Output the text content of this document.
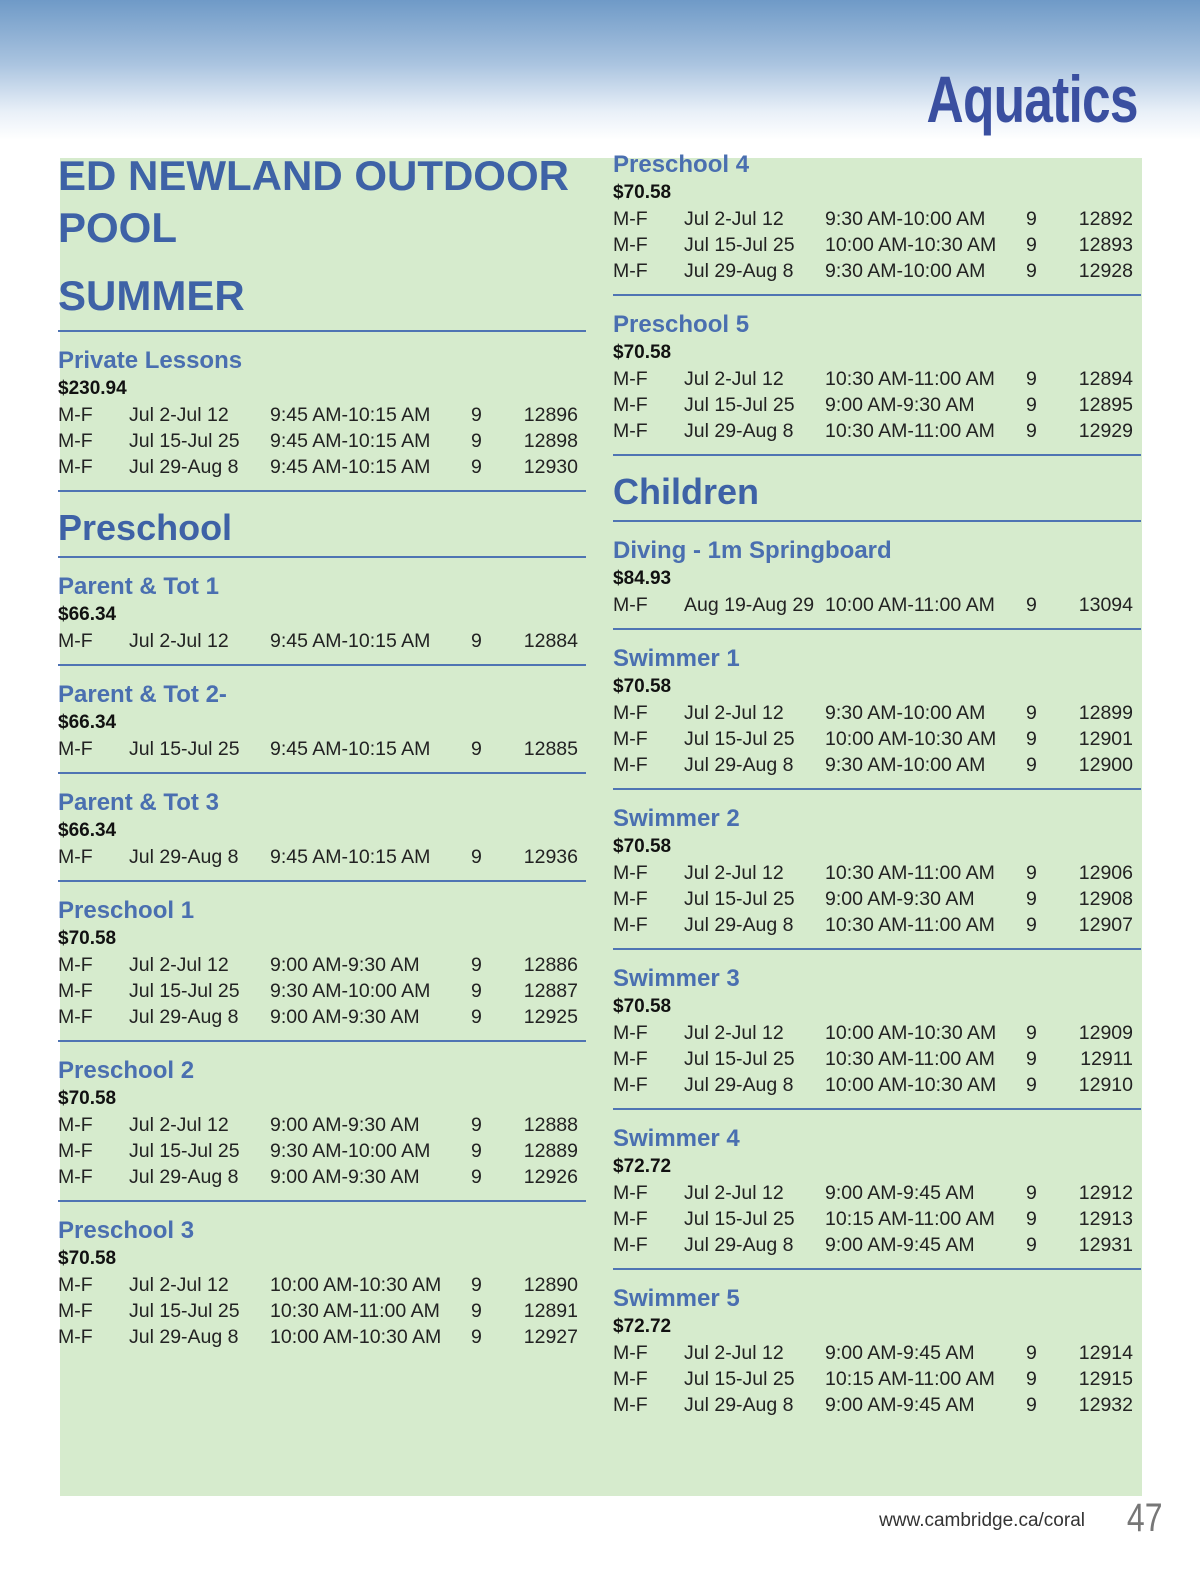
Aquatics
ED NEWLAND OUTDOOR POOL
SUMMER
Private Lessons
$230.94
M-F Jul 2-Jul 12 9:45 AM-10:15 AM 9 12896
M-F Jul 15-Jul 25 9:45 AM-10:15 AM 9 12898
M-F Jul 29-Aug 8 9:45 AM-10:15 AM 9 12930
Preschool
Parent & Tot 1
$66.34
M-F Jul 2-Jul 12 9:45 AM-10:15 AM 9 12884
Parent & Tot 2-
$66.34
M-F Jul 15-Jul 25 9:45 AM-10:15 AM 9 12885
Parent & Tot 3
$66.34
M-F Jul 29-Aug 8 9:45 AM-10:15 AM 9 12936
Preschool 1
$70.58
M-F Jul 2-Jul 12 9:00 AM-9:30 AM	9 12886
M-F Jul 15-Jul 25 9:30 AM-10:00 AM 9 12887
M-F Jul 29-Aug 8 9:00 AM-9:30 AM	9 12925
Preschool 2
$70.58
M-F Jul 2-Jul 12 9:00 AM-9:30 AM	9 12888
M-F Jul 15-Jul 25 9:30 AM-10:00 AM 9 12889
M-F Jul 29-Aug 8 9:00 AM-9:30 AM	9 12926
Preschool 3
$70.58
M-F Jul 2-Jul 12 10:00 AM-10:30 AM 9 12890
M-F Jul 15-Jul 25 10:30 AM-11:00 AM 9 12891
M-F Jul 29-Aug 8 10:00 AM-10:30 AM 9 12927
Preschool 4
$70.58
M-F Jul 2-Jul 12 9:30 AM-10:00 AM 9 12892
M-F Jul 15-Jul 25 10:00 AM-10:30 AM 9 12893
M-F Jul 29-Aug 8 9:30 AM-10:00 AM 9 12928
Preschool 5
$70.58
M-F Jul 2-Jul 12 10:30 AM-11:00 AM 9 12894
M-F Jul 15-Jul 25 9:00 AM-9:30 AM	9 12895
M-F Jul 29-Aug 8 10:30 AM-11:00 AM 9 12929
Children
Diving - 1m Springboard
$84.93
M-F Aug 19-Aug 29 10:00 AM-11:00 AM 9 13094
Swimmer 1
$70.58
M-F Jul 2-Jul 12 9:30 AM-10:00 AM 9 12899
M-F Jul 15-Jul 25 10:00 AM-10:30 AM 9 12901
M-F Jul 29-Aug 8 9:30 AM-10:00 AM 9 12900
Swimmer 2
$70.58
M-F Jul 2-Jul 12 10:30 AM-11:00 AM 9 12906
M-F Jul 15-Jul 25 9:00 AM-9:30 AM	9 12908
M-F Jul 29-Aug 8 10:30 AM-11:00 AM 9 12907
Swimmer 3
$70.58
M-F Jul 2-Jul 12 10:00 AM-10:30 AM 9 12909
M-F Jul 15-Jul 25 10:30 AM-11:00 AM 9 12911
M-F Jul 29-Aug 8 10:00 AM-10:30 AM 9 12910
Swimmer 4
$72.72
M-F Jul 2-Jul 12 9:00 AM-9:45 AM	9 12912
M-F Jul 15-Jul 25 10:15 AM-11:00 AM 9 12913
M-F Jul 29-Aug 8 9:00 AM-9:45 AM	9 12931
Swimmer 5
$72.72
M-F Jul 2-Jul 12 9:00 AM-9:45 AM	9 12914
M-F Jul 15-Jul 25 10:15 AM-11:00 AM 9 12915
M-F Jul 29-Aug 8 9:00 AM-9:45 AM	9 12932
www.cambridge.ca/coral 47
